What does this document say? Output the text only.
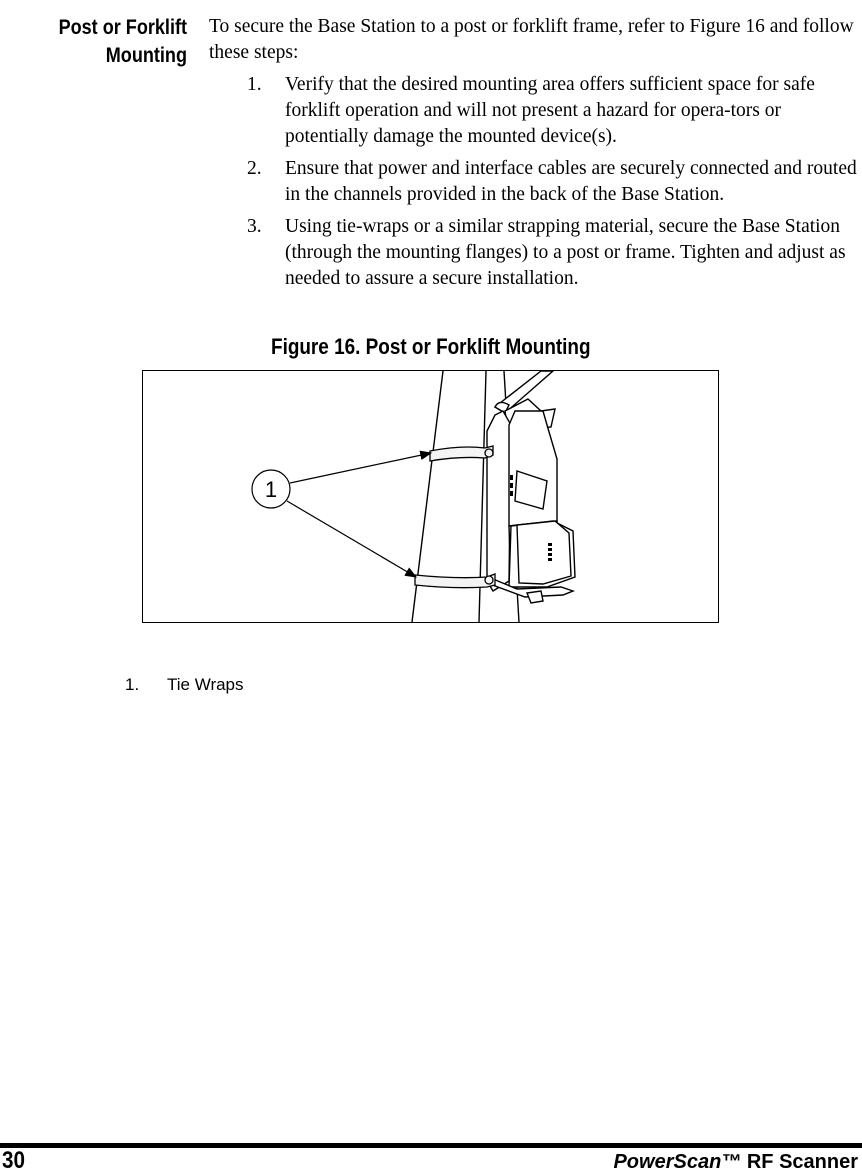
Post or Forklift
Mounting

To secure the Base Station to a post or forklift frame, refer to Figure 16 and follow these steps:

1. Verify that the desired mounting area offers sufficient space for safe forklift operation and will not present a hazard for opera-tors or potentially damage the mounted device(s).
2. Ensure that power and interface cables are securely connected and routed in the channels provided in the back of the Base Station.
3. Using tie-wraps or a similar strapping material, secure the Base Station (through the mounting flanges) to a post or frame. Tighten and adjust as needed to assure a secure installation.
Figure 16. Post or Forklift Mounting
1
1. Tie Wraps
30	PowerScan™ RF Scanner
